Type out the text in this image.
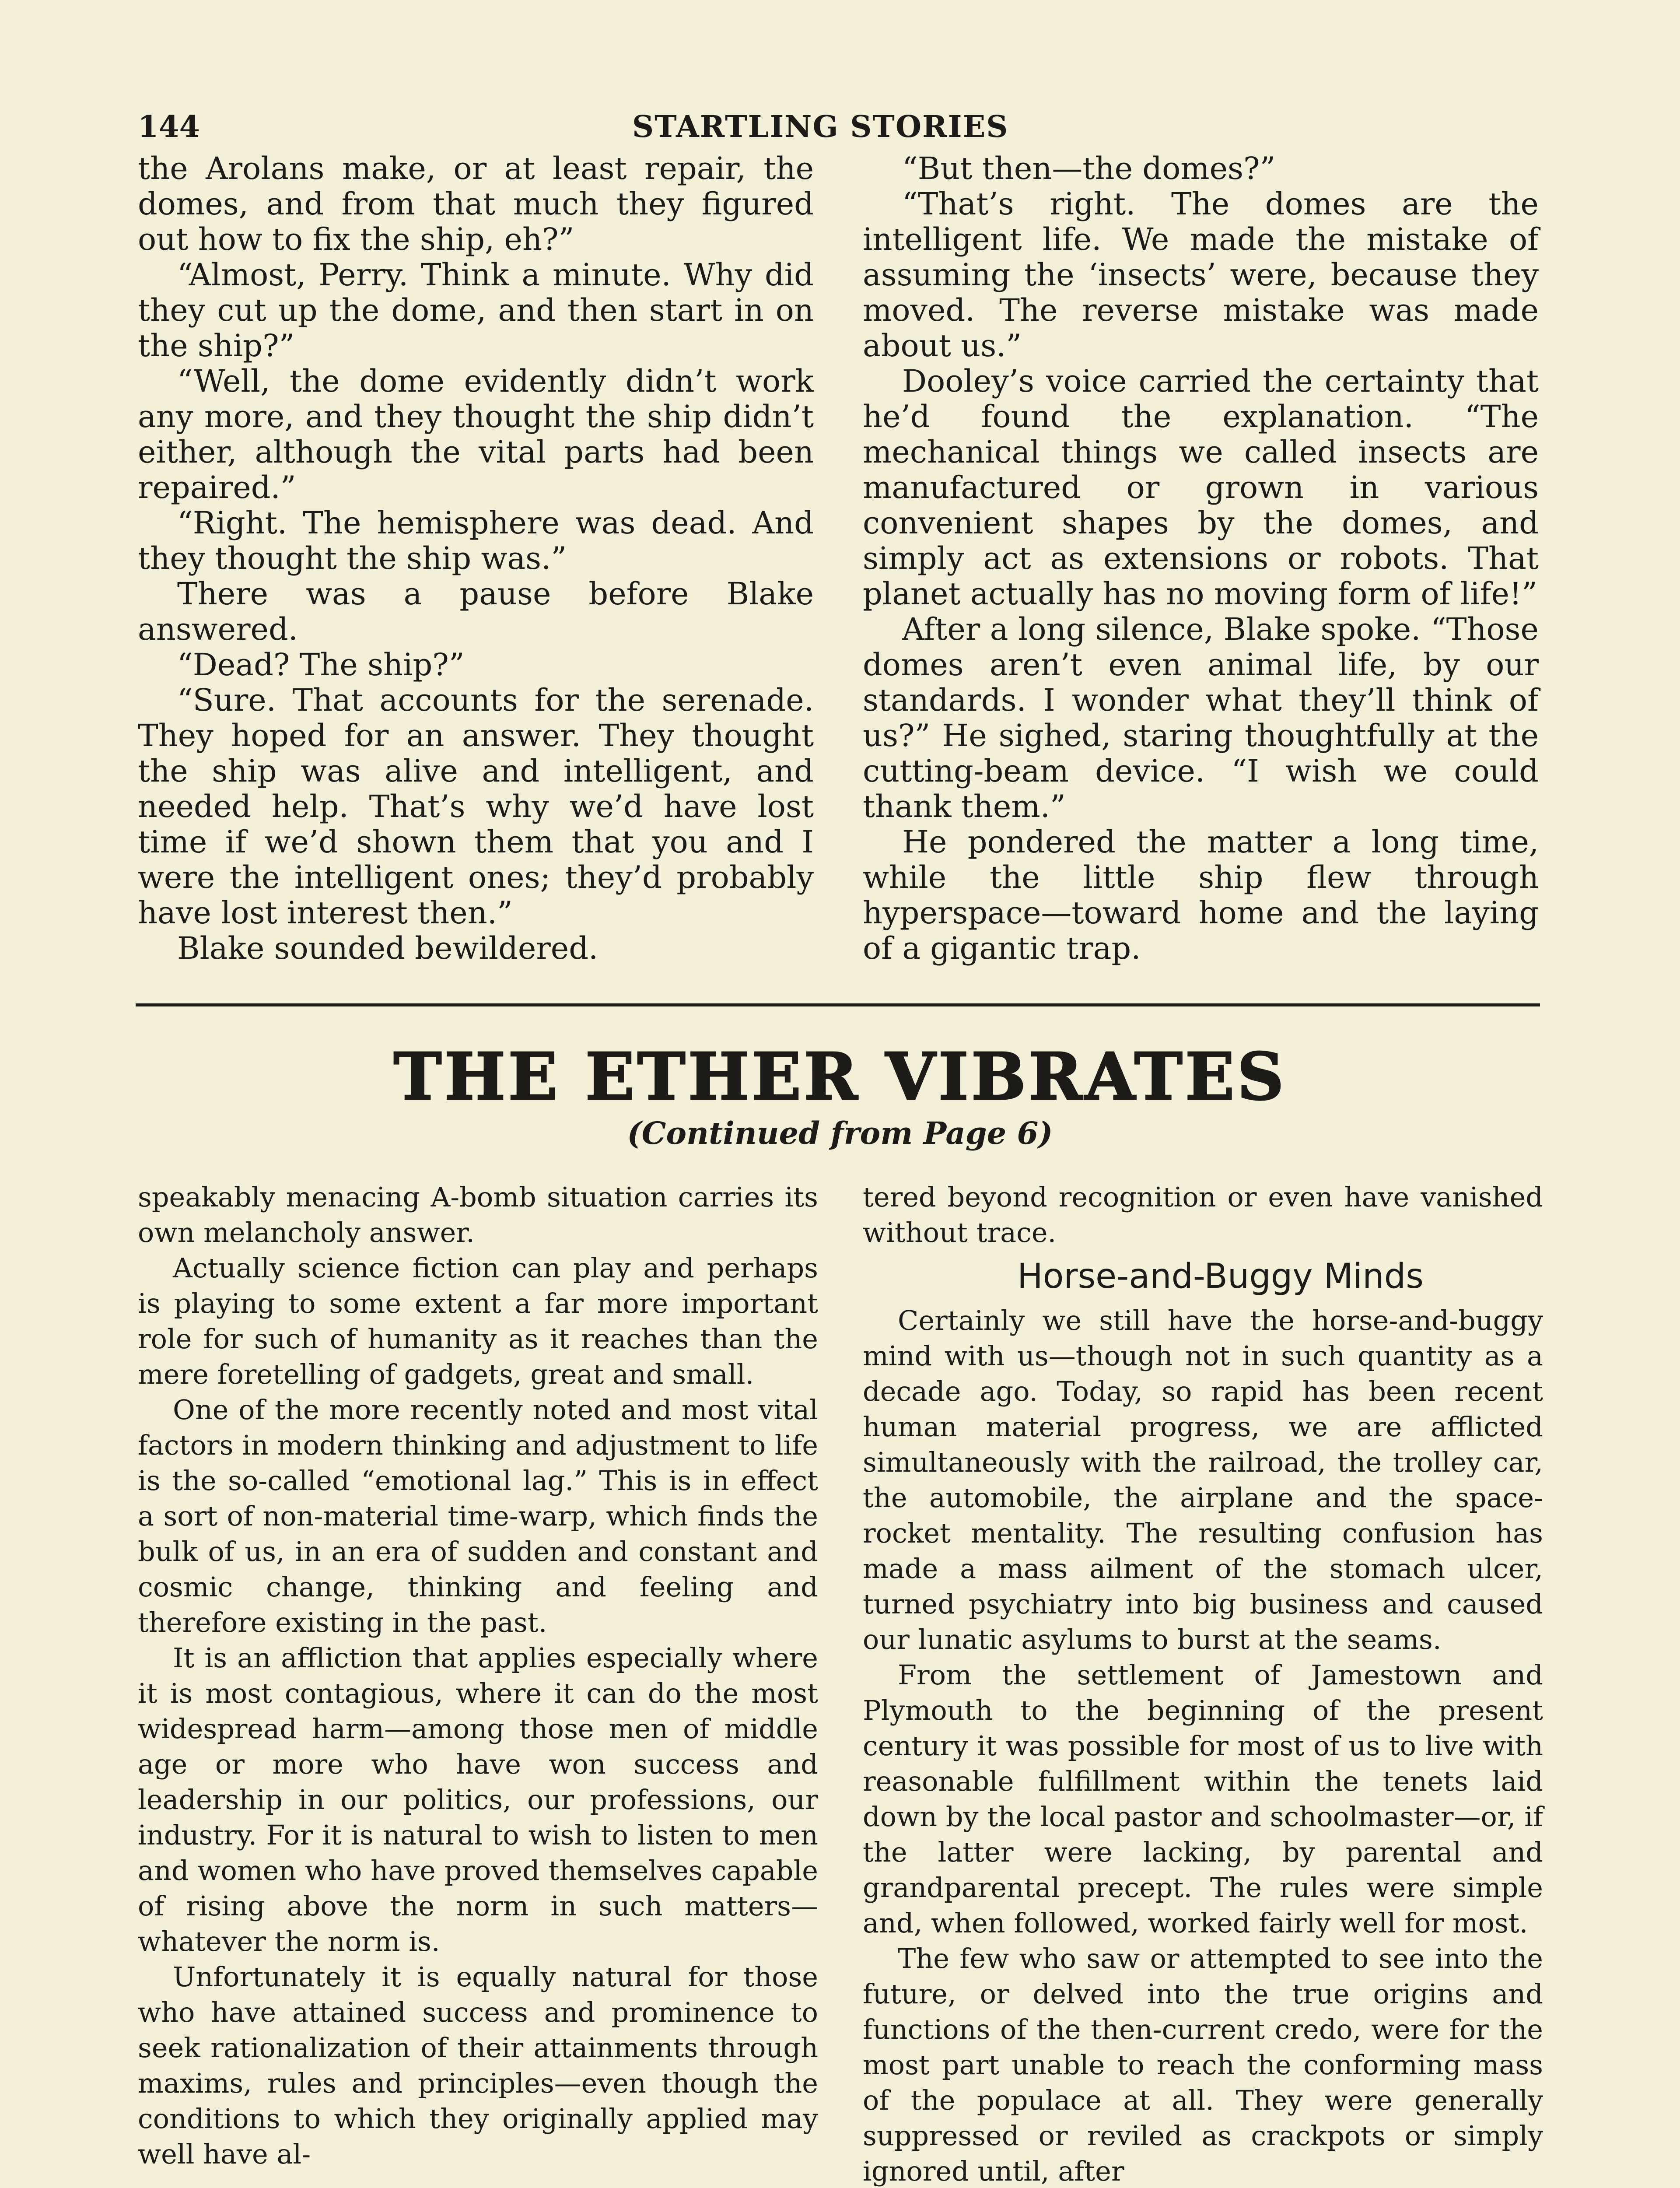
144	STARTLING STORIES

the Arolans make, or at least repair, the domes, and from that much they figured out how to fix the ship, eh?”

“Almost, Perry. Think a minute. Why did they cut up the dome, and then start in on the ship?”

“Well, the dome evidently didn’t work any more, and they thought the ship didn’t either, although the vital parts had been repaired.”

“Right. The hemisphere was dead. And they thought the ship was.”

There was a pause before Blake answered.

“Dead? The ship?”

“Sure. That accounts for the serenade. They hoped for an answer. They thought the ship was alive and intelligent, and needed help. That’s why we’d have lost time if we’d shown them that you and I were the intelligent ones; they’d probably have lost interest then.”

Blake sounded bewildered.

“But then—the domes?”

“That’s right. The domes are the intelligent life. We made the mistake of assuming the ‘insects’ were, because they moved. The reverse mistake was made about us.”

Dooley’s voice carried the certainty that he’d found the explanation. “The mechanical things we called insects are manufactured or grown in various convenient shapes by the domes, and simply act as extensions or robots. That planet actually has no moving form of life!”

After a long silence, Blake spoke. “Those domes aren’t even animal life, by our standards. I wonder what they’ll think of us?” He sighed, staring thoughtfully at the cutting-beam device. “I wish we could thank them.”

He pondered the matter a long time, while the little ship flew through hyperspace—toward home and the laying of a gigantic trap.

THE ETHER VIBRATES
(Continued from Page 6)

speakably menacing A-bomb situation carries its own melancholy answer.

Actually science fiction can play and perhaps is playing to some extent a far more important role for such of humanity as it reaches than the mere foretelling of gadgets, great and small.

One of the more recently noted and most vital factors in modern thinking and adjustment to life is the so-called “emotional lag.” This is in effect a sort of non-material time-warp, which finds the bulk of us, in an era of sudden and constant and cosmic change, thinking and feeling and therefore existing in the past.

It is an affliction that applies especially where it is most contagious, where it can do the most widespread harm—among those men of middle age or more who have won success and leadership in our politics, our professions, our industry. For it is natural to wish to listen to men and women who have proved themselves capable of rising above the norm in such matters—whatever the norm is.

Unfortunately it is equally natural for those who have attained success and prominence to seek rationalization of their attainments through maxims, rules and principles—even though the conditions to which they originally applied may well have al-

tered beyond recognition or even have vanished without trace.

Horse-and-Buggy Minds

Certainly we still have the horse-and-buggy mind with us—though not in such quantity as a decade ago. Today, so rapid has been recent human material progress, we are afflicted simultaneously with the railroad, the trolley car, the automobile, the airplane and the space-rocket mentality. The resulting confusion has made a mass ailment of the stomach ulcer, turned psychiatry into big business and caused our lunatic asylums to burst at the seams.

From the settlement of Jamestown and Plymouth to the beginning of the present century it was possible for most of us to live with reasonable fulfillment within the tenets laid down by the local pastor and schoolmaster—or, if the latter were lacking, by parental and grandparental precept. The rules were simple and, when followed, worked fairly well for most.

The few who saw or attempted to see into the future, or delved into the true origins and functions of the then-current credo, were for the most part unable to reach the conforming mass of the populace at all. They were generally suppressed or reviled as crackpots or simply ignored until, after
